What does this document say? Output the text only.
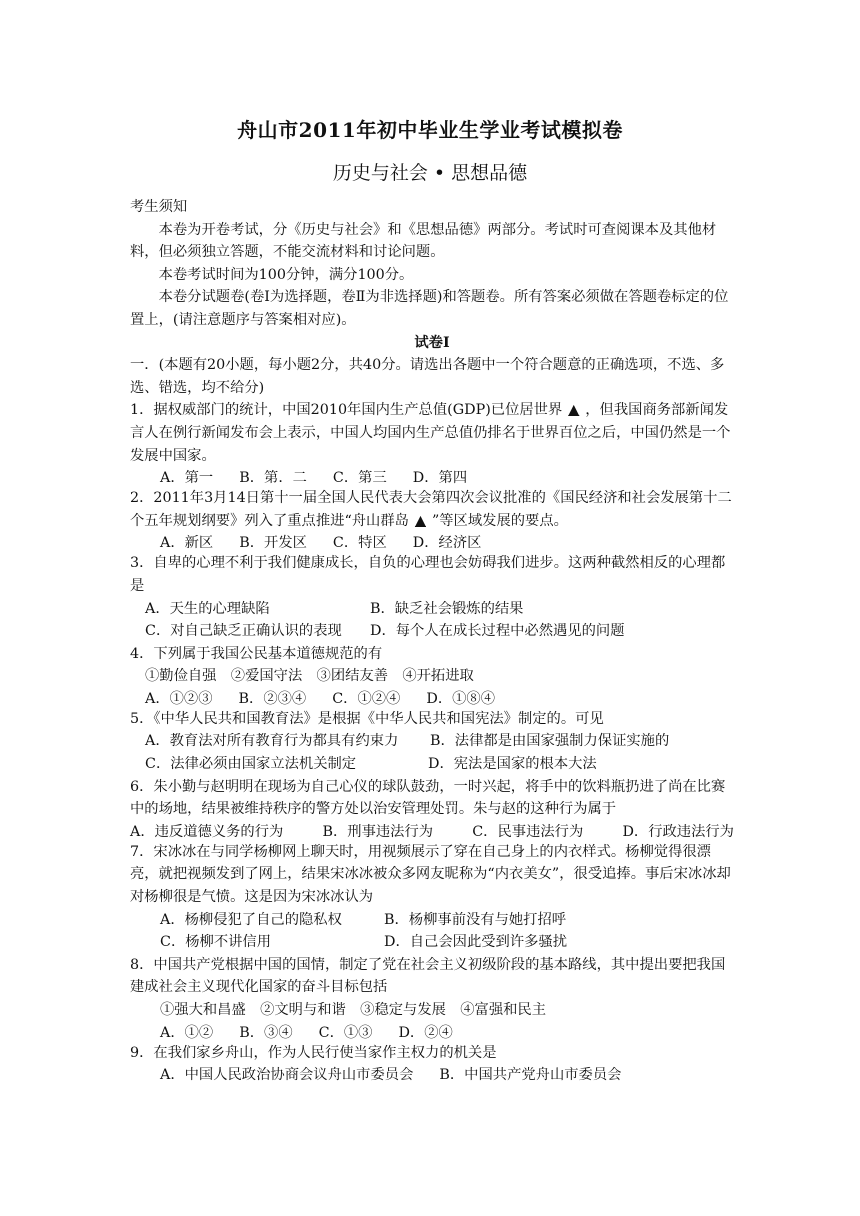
舟山市2011年初中毕业生学业考试模拟卷
历史与社会 • 思想品德

考生须知

本卷为开卷考试，分《历史与社会》和《思想品德》两部分。考试时可查阅课本及其他材料，但必须独立答题，不能交流材料和讨论问题。

本卷考试时间为100分钟，满分100分。

本卷分试题卷(卷Ⅰ为选择题，卷Ⅱ为非选择题)和答题卷。所有答案必须做在答题卷标定的位置上，(请注意题序与答案相对应)。

试卷Ⅰ

一．(本题有20小题，每小题2分，共40分。请选出各题中一个符合题意的正确选项，不选、多选、错选，均不给分)

1．据权威部门的统计，中国2010年国内生产总值(GDP)已位居世界 ▲ ，但我国商务部新闻发言人在例行新闻发布会上表示，中国人均国内生产总值仍排名于世界百位之后，中国仍然是一个发展中国家。

A．第一 B．第．二 C．第三 D．第四

2．2011年3月14日第十一届全国人民代表大会第四次会议批准的《国民经济和社会发展第十二个五年规划纲要》列入了重点推进“舟山群岛 ▲ ”等区域发展的要点。

A．新区 B．开发区 C．特区 D．经济区

3．自卑的心理不利于我们健康成长，自负的心理也会妨碍我们进步。这两种截然相反的心理都是

A．天生的心理缺陷	B．缺乏社会锻炼的结果

C．对自己缺乏正确认识的表现	D．每个人在成长过程中必然遇见的问题

4．下列属于我国公民基本道德规范的有

①勤俭自强　②爱国守法　③团结友善　④开拓进取

A．①②③ B．②③④ C．①②④ D．①⑧④

5．《中华人民共和国教育法》是根据《中华人民共和国宪法》制定的。可见

A．教育法对所有教育行为都具有约束力	B．法律都是由国家强制力保证实施的

C．法律必须由国家立法机关制定	D．宪法是国家的根本大法

6．朱小勤与赵明明在现场为自己心仪的球队鼓劲，一时兴起，将手中的饮料瓶扔进了尚在比赛中的场地，结果被维持秩序的警方处以治安管理处罚。朱与赵的这种行为属于

A．违反道德义务的行为	B．刑事违法行为	C．民事违法行为	D．行政违法行为

7．宋冰冰在与同学杨柳网上聊天时，用视频展示了穿在自己身上的内衣样式。杨柳觉得很漂亮，就把视频发到了网上，结果宋冰冰被众多网友昵称为“内衣美女”，很受追捧。事后宋冰冰却对杨柳很是气愤。这是因为宋冰冰认为

A．杨柳侵犯了自己的隐私权	B．杨柳事前没有与她打招呼

C．杨柳不讲信用	D．自己会因此受到许多骚扰

8．中国共产党根据中国的国情，制定了党在社会主义初级阶段的基本路线，其中提出要把我国建成社会主义现代化国家的奋斗目标包括

①强大和昌盛　②文明与和谐　③稳定与发展　④富强和民主

A．①② B．③④ C．①③ D．②④

9．在我们家乡舟山，作为人民行使当家作主权力的机关是

A．中国人民政治协商会议舟山市委员会 B．中国共产党舟山市委员会
